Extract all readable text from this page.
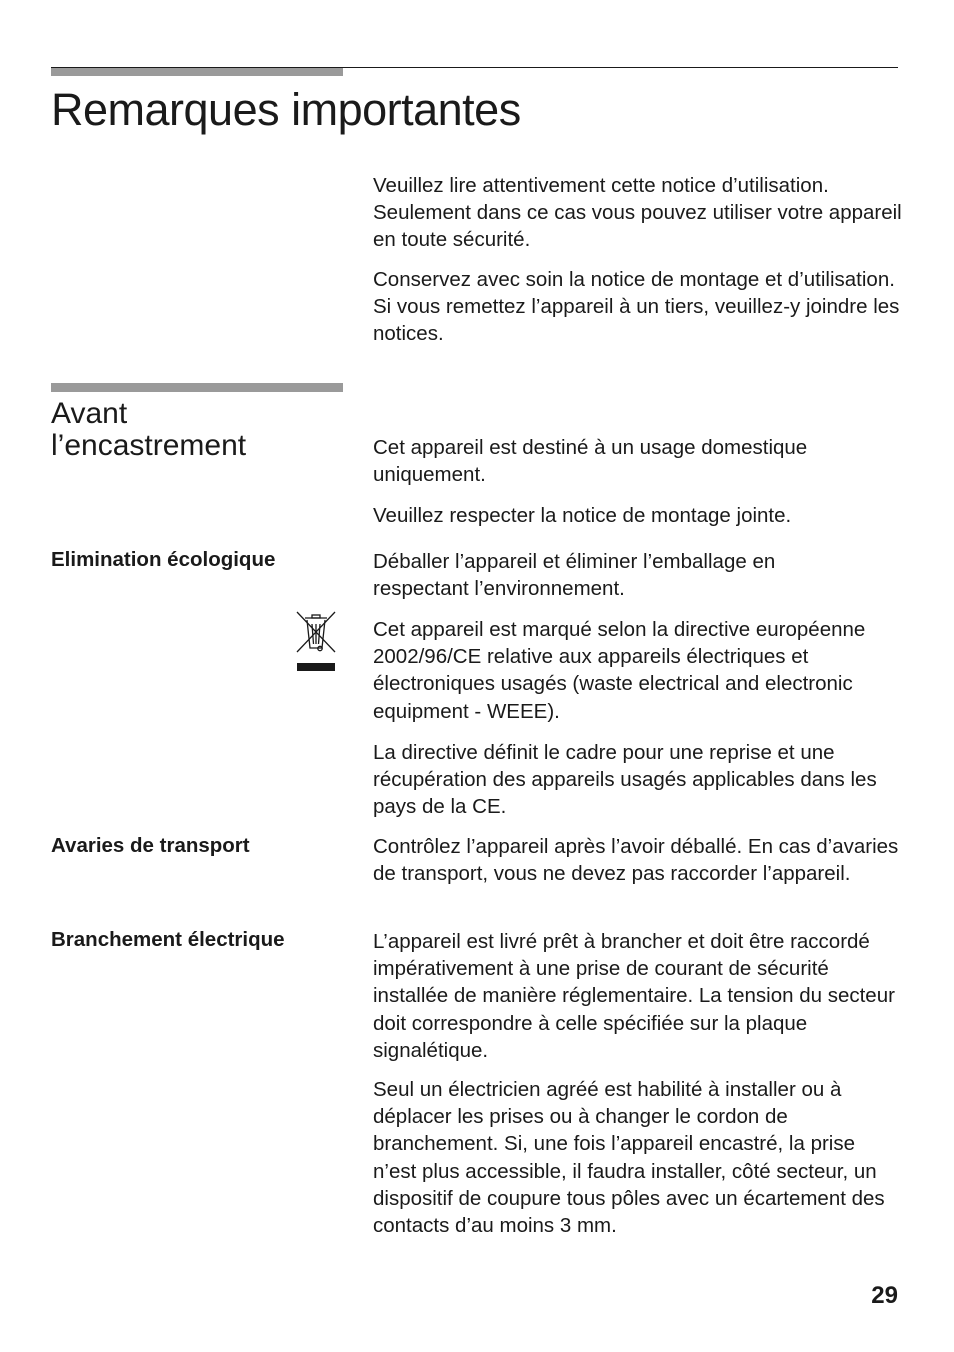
Remarques importantes

Veuillez lire attentivement cette notice d’utilisation. Seulement dans ce cas vous pouvez utiliser votre appareil en toute sécurité.

Conservez avec soin la notice de montage et d’utilisation. Si vous remettez l’appareil à un tiers, veuillez-y joindre les notices.

Avant
l’encastrement	Cet appareil est destiné à un usage domestique uniquement.

Veuillez respecter la notice de montage jointe.

Elimination écologique	Déballer l’appareil et éliminer l’emballage en respectant l’environnement.

Cet appareil est marqué selon la directive européenne 2002/96/CE relative aux appareils électriques et électroniques usagés (waste electrical and electronic equipment - WEEE).

La directive définit le cadre pour une reprise et une récupération des appareils usagés applicables dans les pays de la CE.

Avaries de transport	Contrôlez l’appareil après l’avoir déballé. En cas d’avaries de transport, vous ne devez pas raccorder l’appareil.

Branchement électrique	L’appareil est livré prêt à brancher et doit être raccordé impérativement à une prise de courant de sécurité installée de manière réglementaire. La tension du secteur doit correspondre à celle spécifiée sur la plaque signalétique.

Seul un électricien agréé est habilité à installer ou à déplacer les prises ou à changer le cordon de branchement. Si, une fois l’appareil encastré, la prise n’est plus accessible, il faudra installer, côté secteur, un dispositif de coupure tous pôles avec un écartement des contacts d’au moins 3 mm.

29
